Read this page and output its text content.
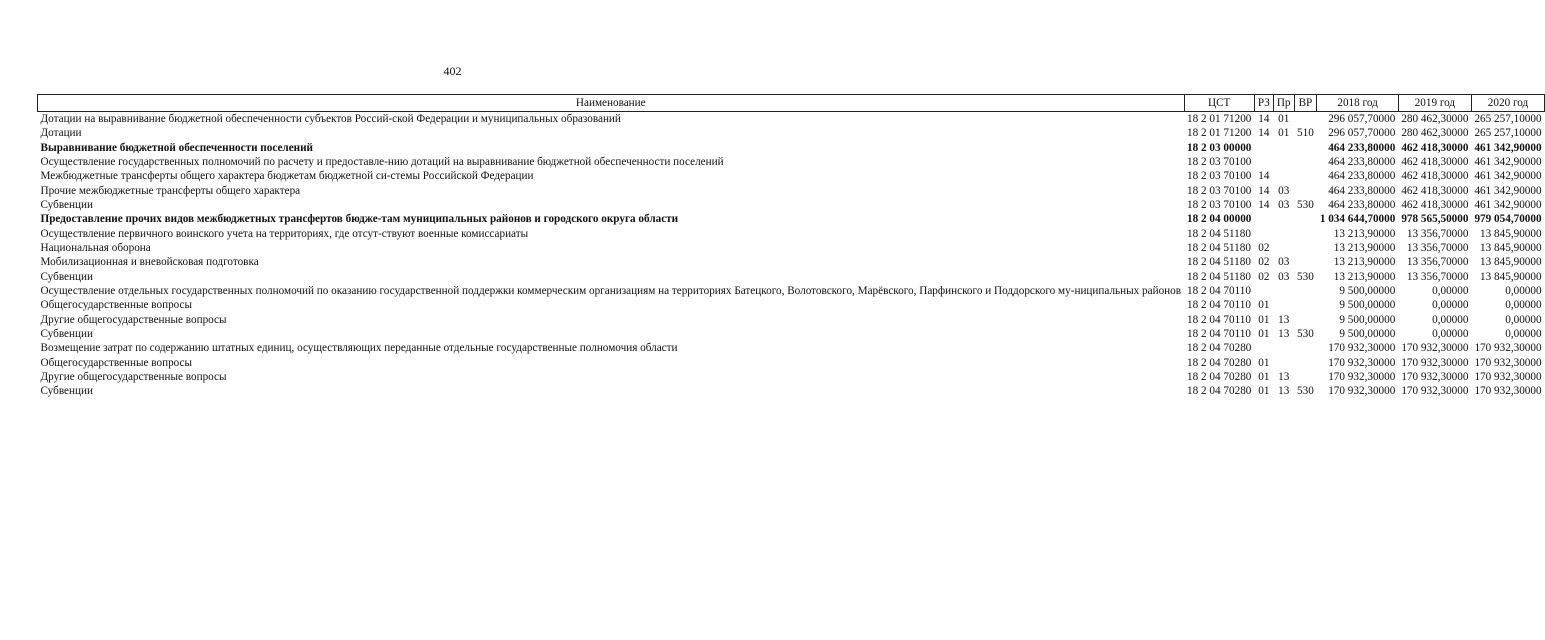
402
Наименование	ЦСТ	РЗ	Пр	ВР	2018 год	2019 год	2020 год
Дотации на выравнивание бюджетной обеспеченности субъектов Россий-ской Федерации и муниципальных образований	18 2 01 71200	14	01		296 057,70000	280 462,30000	265 257,10000
Дотации	18 2 01 71200	14	01	510	296 057,70000	280 462,30000	265 257,10000
Выравнивание бюджетной обеспеченности поселений	18 2 03 00000				464 233,80000	462 418,30000	461 342,90000
Осуществление государственных полномочий по расчету и предоставле-нию дотаций на выравнивание бюджетной обеспеченности поселений	18 2 03 70100				464 233,80000	462 418,30000	461 342,90000
Межбюджетные трансферты общего характера бюджетам бюджетной си-стемы Российской Федерации	18 2 03 70100	14			464 233,80000	462 418,30000	461 342,90000
Прочие межбюджетные трансферты общего характера	18 2 03 70100	14	03		464 233,80000	462 418,30000	461 342,90000
Субвенции	18 2 03 70100	14	03	530	464 233,80000	462 418,30000	461 342,90000
Предоставление прочих видов межбюджетных трансфертов бюдже-там муниципальных районов и городского округа области	18 2 04 00000				1 034 644,70000	978 565,50000	979 054,70000
Осуществление первичного воинского учета на территориях, где отсут-ствуют военные комиссариаты	18 2 04 51180				13 213,90000	13 356,70000	13 845,90000
Национальная оборона	18 2 04 51180	02			13 213,90000	13 356,70000	13 845,90000
Мобилизационная и вневойсковая подготовка	18 2 04 51180	02	03		13 213,90000	13 356,70000	13 845,90000
Субвенции	18 2 04 51180	02	03	530	13 213,90000	13 356,70000	13 845,90000
Осуществление отдельных государственных полномочий по оказанию государственной поддержки коммерческим организациям на территориях Батецкого, Волотовского, Марёвского, Парфинского и Поддорского му-ниципальных районов	18 2 04 70110				9 500,00000	0,00000	0,00000
Общегосударственные вопросы	18 2 04 70110	01			9 500,00000	0,00000	0,00000
Другие общегосударственные вопросы	18 2 04 70110	01	13		9 500,00000	0,00000	0,00000
Субвенции	18 2 04 70110	01	13	530	9 500,00000	0,00000	0,00000
Возмещение затрат по содержанию штатных единиц, осуществляющих переданные отдельные государственные полномочия области	18 2 04 70280				170 932,30000	170 932,30000	170 932,30000
Общегосударственные вопросы	18 2 04 70280	01			170 932,30000	170 932,30000	170 932,30000
Другие общегосударственные вопросы	18 2 04 70280	01	13		170 932,30000	170 932,30000	170 932,30000
Субвенции	18 2 04 70280	01	13	530	170 932,30000	170 932,30000	170 932,30000
